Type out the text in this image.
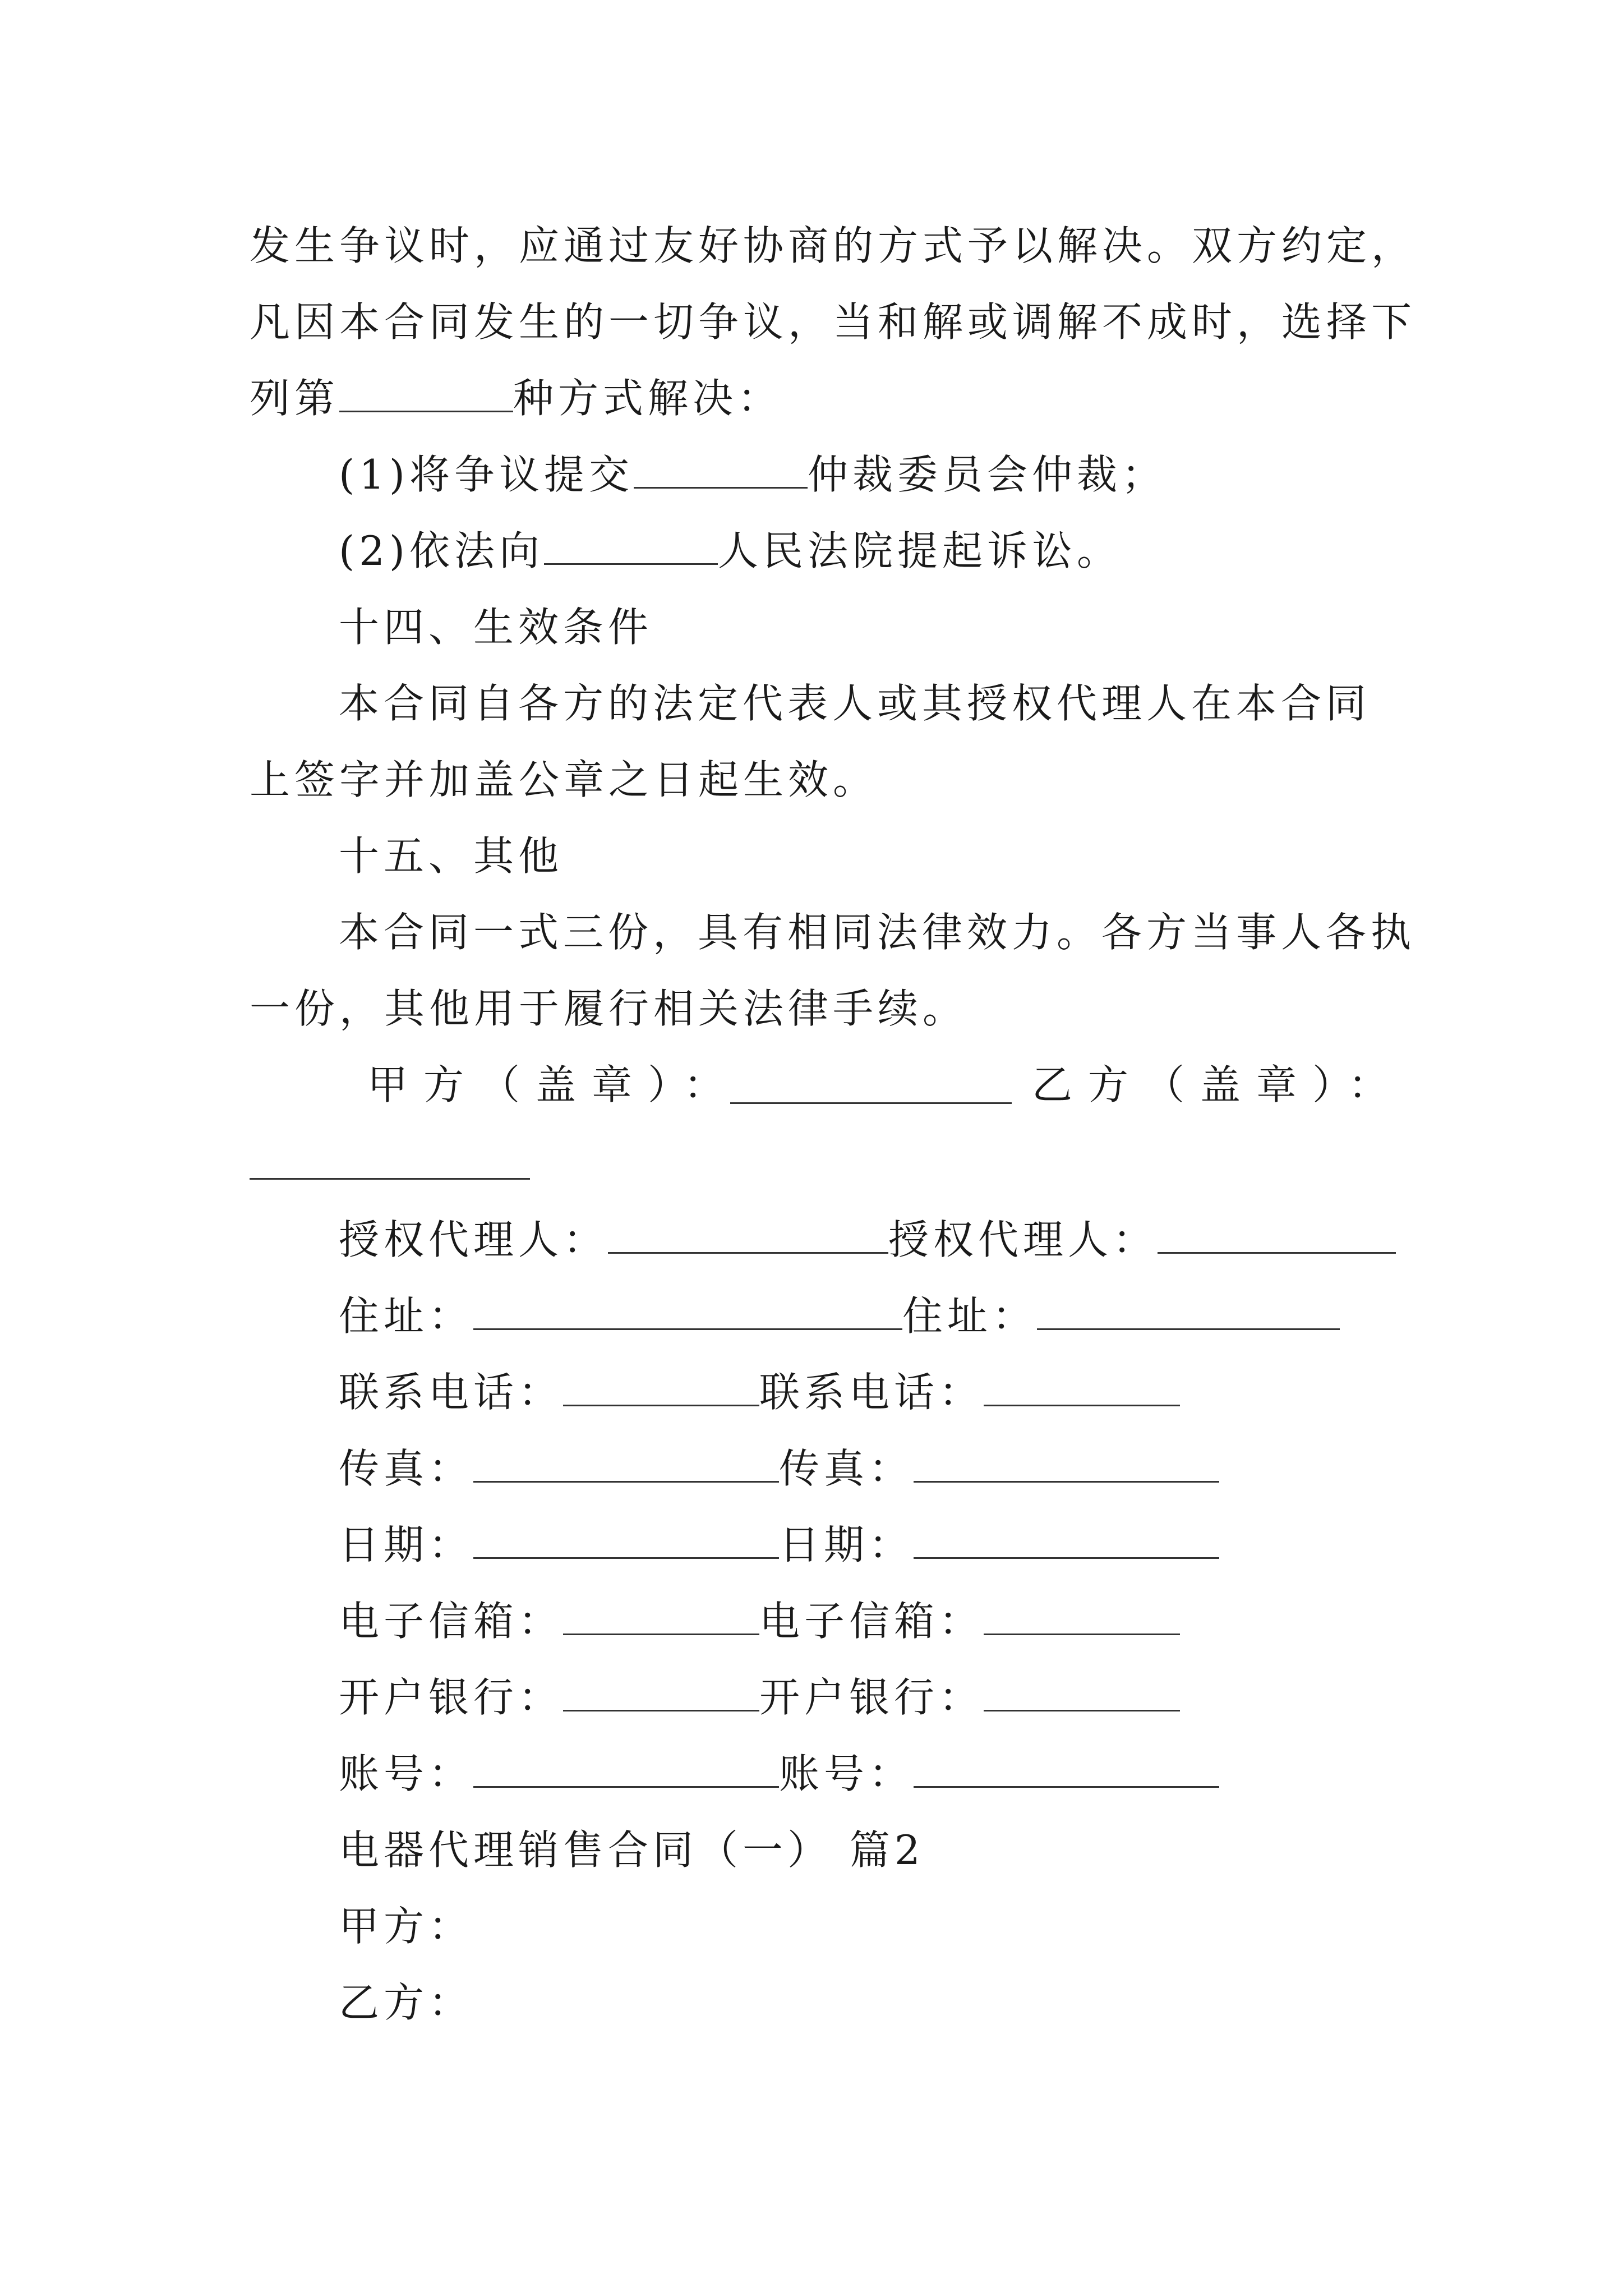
发生争议时，应通过友好协商的方式予以解决。双方约定，
凡因本合同发生的一切争议，当和解或调解不成时，选择下
列第	种方式解决：
(1)将争议提交	仲裁委员会仲裁；
(2)依法向	人民法院提起诉讼。
十四、生效条件
本合同自各方的法定代表人或其授权代理人在本合同
上签字并加盖公章之日起生效。
十五、其他
本合同一式三份，具有相同法律效力。各方当事人各执
一份，其他用于履行相关法律手续。
甲方（盖章）：	乙方（盖章）：
授权代理人：	授权代理人：
住址：	住址：
联系电话：	联系电话：
传真：	传真：
日期：	日期：
电子信箱：	电子信箱：
开户银行：	开户银行：
账号：	账号：
电器代理销售合同（一） 篇2
甲方：
乙方：
